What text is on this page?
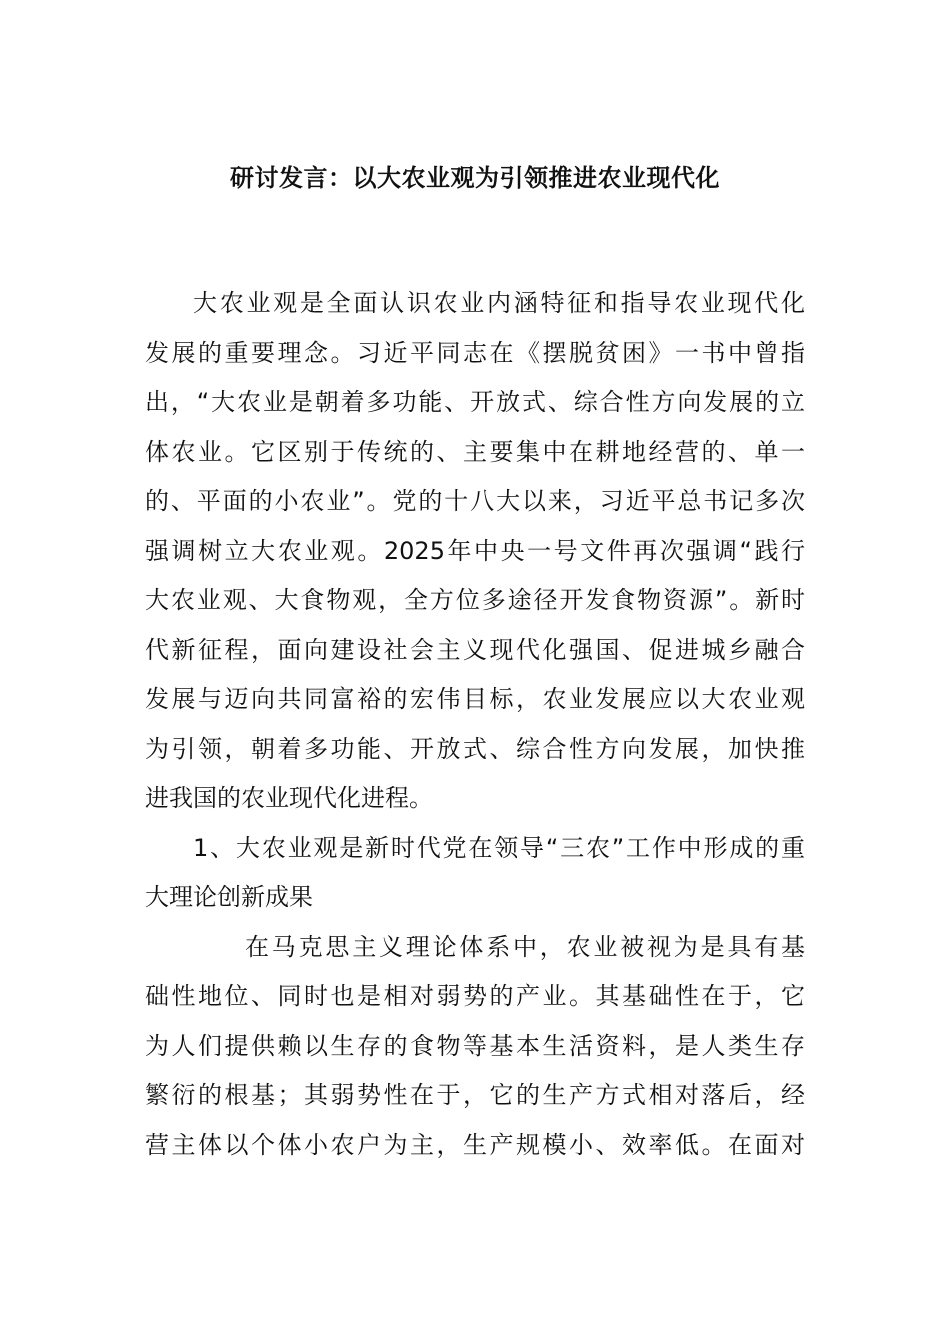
研讨发言：以大农业观为引领推进农业现代化
大农业观是全面认识农业内涵特征和指导农业现代化
发展的重要理念。习近平同志在《摆脱贫困》一书中曾指
出，“大农业是朝着多功能、开放式、综合性方向发展的立
体农业。它区别于传统的、主要集中在耕地经营的、单一
的、平面的小农业”。党的十八大以来，习近平总书记多次
强调树立大农业观。2025年中央一号文件再次强调“践行
大农业观、大食物观，全方位多途径开发食物资源”。新时
代新征程，面向建设社会主义现代化强国、促进城乡融合
发展与迈向共同富裕的宏伟目标，农业发展应以大农业观
为引领，朝着多功能、开放式、综合性方向发展，加快推
进我国的农业现代化进程。
1、大农业观是新时代党在领导“三农”工作中形成的重
大理论创新成果
在马克思主义理论体系中，农业被视为是具有基
础性地位、同时也是相对弱势的产业。其基础性在于，它
为人们提供赖以生存的食物等基本生活资料，是人类生存
繁衍的根基；其弱势性在于，它的生产方式相对落后，经
营主体以个体小农户为主，生产规模小、效率低。在面对
